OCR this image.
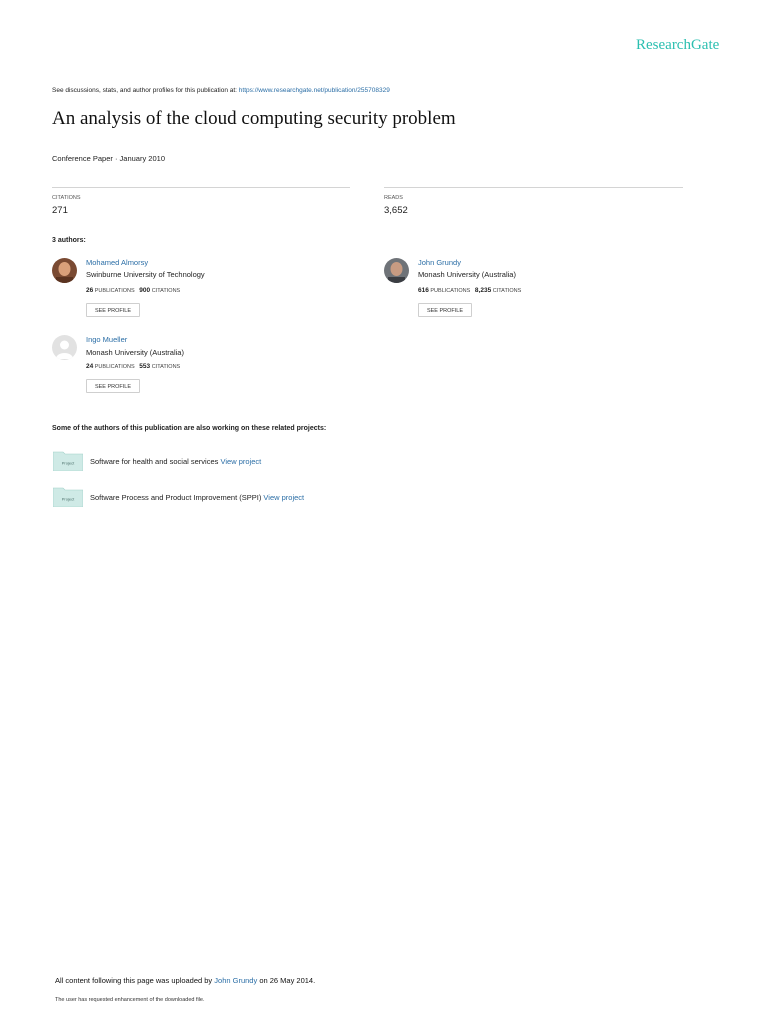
ResearchGate
See discussions, stats, and author profiles for this publication at: https://www.researchgate.net/publication/255708329
An analysis of the cloud computing security problem
Conference Paper · January 2010
CITATIONS
271
READS
3,652
3 authors:
Mohamed Almorsy
Swinburne University of Technology
26 PUBLICATIONS 900 CITATIONS
SEE PROFILE
John Grundy
Monash University (Australia)
616 PUBLICATIONS 8,235 CITATIONS
SEE PROFILE
Ingo Mueller
Monash University (Australia)
24 PUBLICATIONS 553 CITATIONS
SEE PROFILE
Some of the authors of this publication are also working on these related projects:
Project Software for health and social services View project
Project Software Process and Product Improvement (SPPI) View project
All content following this page was uploaded by John Grundy on 26 May 2014.
The user has requested enhancement of the downloaded file.
